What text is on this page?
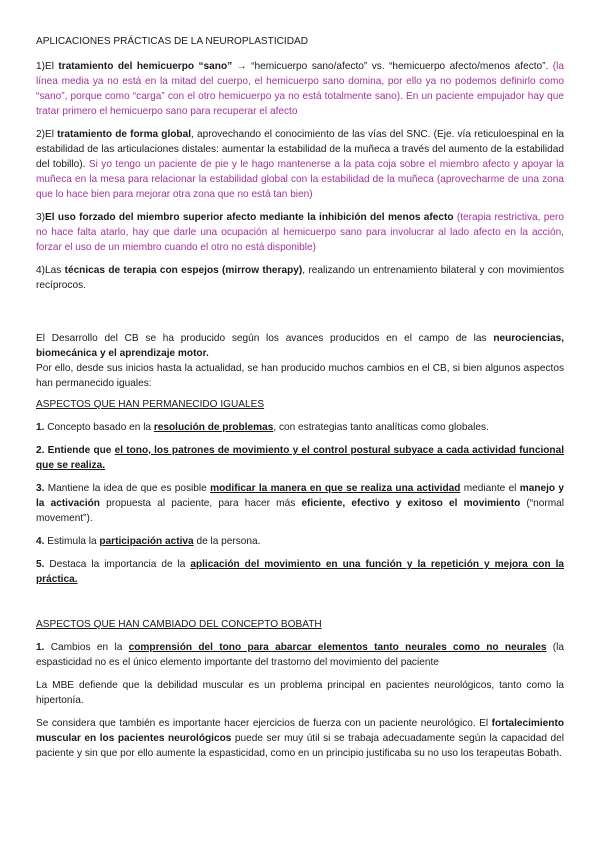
APLICACIONES PRÁCTICAS DE LA NEUROPLASTICIDAD

1)El tratamiento del hemicuerpo “sano” → “hemicuerpo sano/afecto” vs. “hemicuerpo afecto/menos afecto”. (la línea media ya no está en la mitad del cuerpo, el hemicuerpo sano domina, por ello ya no podemos definirlo como “sano”, porque como “carga” con el otro hemicuerpo ya no está totalmente sano). En un paciente empujador hay que tratar primero el hemicuerpo sano para recuperar el afecto

2)El tratamiento de forma global, aprovechando el conocimiento de las vías del SNC. (Eje. vía reticuloespinal en la estabilidad de las articulaciones distales: aumentar la estabilidad de la muñeca a través del aumento de la estabilidad del tobillo). Si yo tengo un paciente de pie y le hago mantenerse a la pata coja sobre el miembro afecto y apoyar la muñeca en la mesa para relacionar la estabilidad global con la estabilidad de la muñeca (aprovecharme de una zona que lo hace bien para mejorar otra zona que no está tan bien)

3)El uso forzado del miembro superior afecto mediante la inhibición del menos afecto (terapia restrictiva, pero no hace falta atarlo, hay que darle una ocupación al hemicuerpo sano para involucrar al lado afecto en la acción, forzar el uso de un miembro cuando el otro no está disponible)

4)Las técnicas de terapia con espejos (mirrow therapy), realizando un entrenamiento bilateral y con movimientos recíprocos.

El Desarrollo del CB se ha producido según los avances producidos en el campo de las neurociencias, biomecánica y el aprendizaje motor.

Por ello, desde sus inicios hasta la actualidad, se han producido muchos cambios en el CB, si bien algunos aspectos han permanecido iguales:

ASPECTOS QUE HAN PERMANECIDO IGUALES

1. Concepto basado en la resolución de problemas, con estrategias tanto analíticas como globales.

2. Entiende que el tono, los patrones de movimiento y el control postural subyace a cada actividad funcional que se realiza.

3. Mantiene la idea de que es posible modificar la manera en que se realiza una actividad mediante el manejo y la activación propuesta al paciente, para hacer más eficiente, efectivo y exitoso el movimiento (“normal movement”).

4. Estimula la participación activa de la persona.

5. Destaca la importancia de la aplicación del movimiento en una función y la repetición y mejora con la práctica.

ASPECTOS QUE HAN CAMBIADO DEL CONCEPTO BOBATH

1. Cambios en la comprensión del tono para abarcar elementos tanto neurales como no neurales (la espasticidad no es el único elemento importante del trastorno del movimiento del paciente

La MBE defiende que la debilidad muscular es un problema principal en pacientes neurológicos, tanto como la hipertonía.

Se considera que también es importante hacer ejercicios de fuerza con un paciente neurológico. El fortalecimiento muscular en los pacientes neurológicos puede ser muy útil si se trabaja adecuadamente según la capacidad del paciente y sin que por ello aumente la espasticidad, como en un principio justificaba su no uso los terapeutas Bobath.
